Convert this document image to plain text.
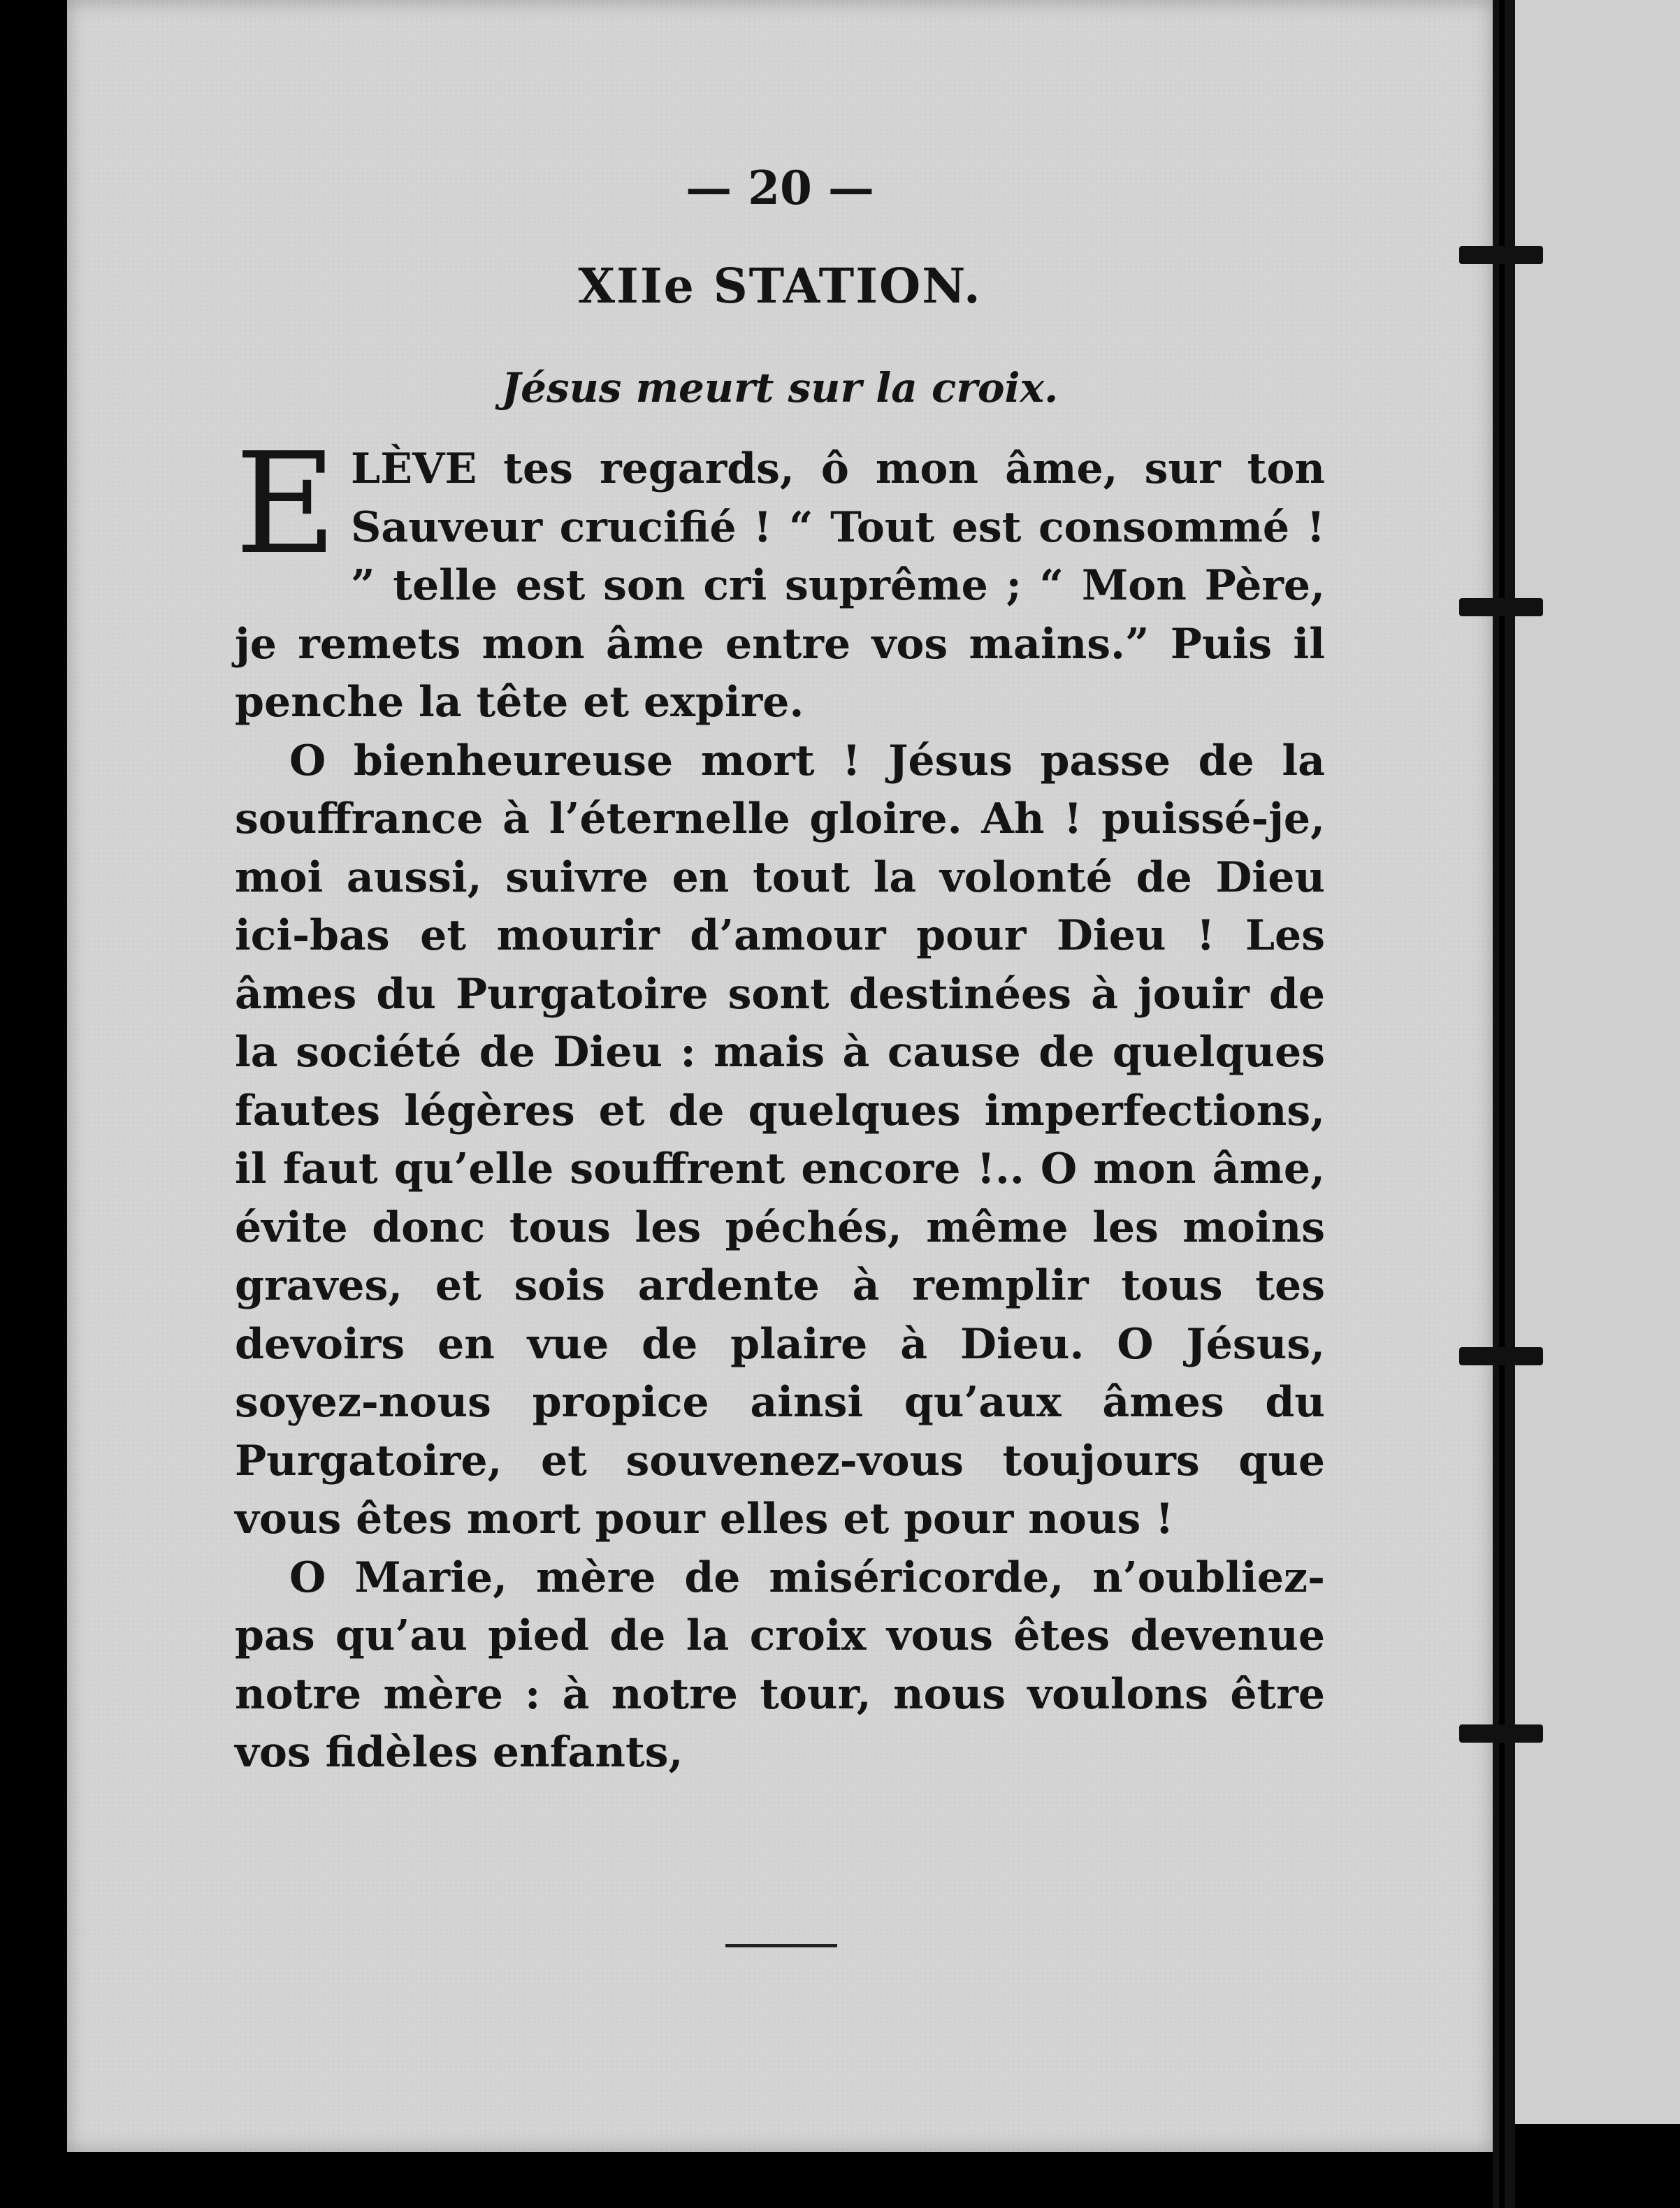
— 20 —

XIIe STATION.
Jésus meurt sur la croix.

ELÈVE tes regards, ô mon âme, sur ton Sauveur crucifié ! “ Tout est consommé ! ” telle est son cri suprême ; “ Mon Père, je remets mon âme entre vos mains.” Puis il penche la tête et expire.

O bienheureuse mort ! Jésus passe de la souffrance à l’éternelle gloire. Ah ! puissé-je, moi aussi, suivre en tout la volonté de Dieu ici-bas et mourir d’amour pour Dieu ! Les âmes du Purgatoire sont destinées à jouir de la société de Dieu : mais à cause de quelques fautes légères et de quelques imperfections, il faut qu’elle souffrent encore !.. O mon âme, évite donc tous les péchés, même les moins graves, et sois ardente à remplir tous tes devoirs en vue de plaire à Dieu. O Jésus, soyez-nous propice ainsi qu’aux âmes du Purgatoire, et souvenez-vous toujours que vous êtes mort pour elles et pour nous !

O Marie, mère de miséricorde, n’oubliez-pas qu’au pied de la croix vous êtes devenue notre mère : à notre tour, nous voulons être vos fidèles enfants,
